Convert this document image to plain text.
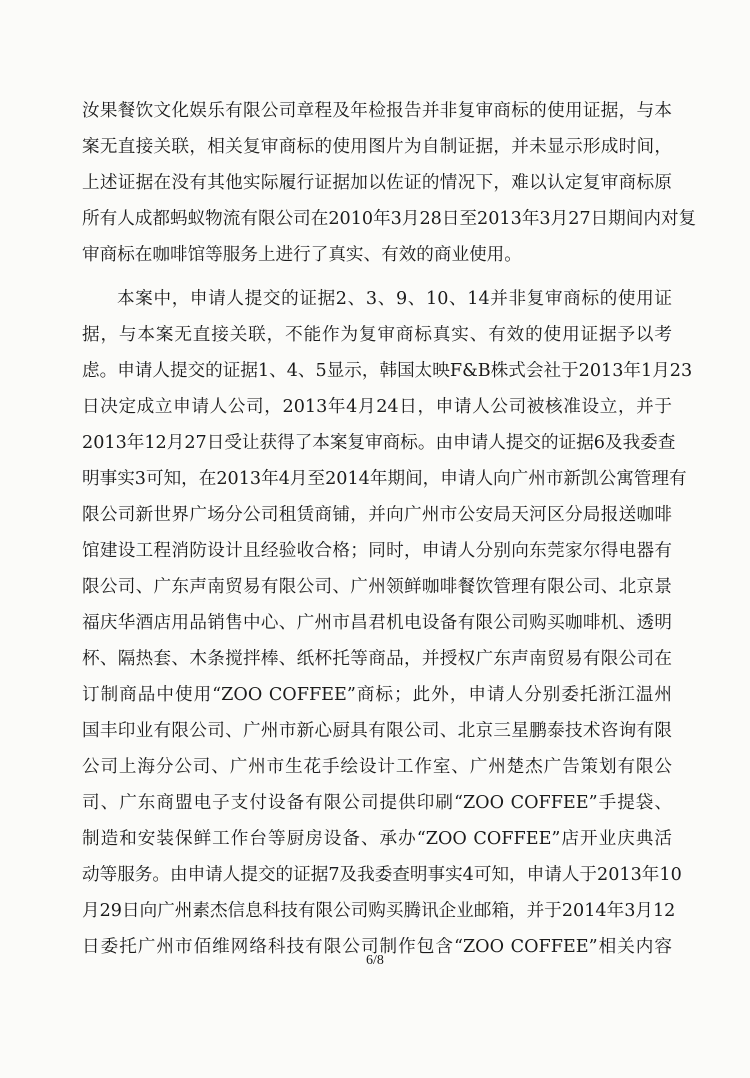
汝果餐饮文化娱乐有限公司章程及年检报告并非复审商标的使用证据，与本
案无直接关联，相关复审商标的使用图片为自制证据，并未显示形成时间，
上述证据在没有其他实际履行证据加以佐证的情况下，难以认定复审商标原
所有人成都蚂蚁物流有限公司在2010年3月28日至2013年3月27日期间内对复
审商标在咖啡馆等服务上进行了真实、有效的商业使用。
本案中，申请人提交的证据2、3、9、10、14并非复审商标的使用证
据，与本案无直接关联，不能作为复审商标真实、有效的使用证据予以考
虑。申请人提交的证据1、4、5显示，韩国太映F&B株式会社于2013年1月23
日决定成立申请人公司，2013年4月24日，申请人公司被核准设立，并于
2013年12月27日受让获得了本案复审商标。由申请人提交的证据6及我委查
明事实3可知，在2013年4月至2014年期间，申请人向广州市新凯公寓管理有
限公司新世界广场分公司租赁商铺，并向广州市公安局天河区分局报送咖啡
馆建设工程消防设计且经验收合格；同时，申请人分别向东莞家尔得电器有
限公司、广东声南贸易有限公司、广州领鲜咖啡餐饮管理有限公司、北京景
福庆华酒店用品销售中心、广州市昌君机电设备有限公司购买咖啡机、透明
杯、隔热套、木条搅拌棒、纸杯托等商品，并授权广东声南贸易有限公司在
订制商品中使用“ZOO COFFEE”商标；此外，申请人分别委托浙江温州
国丰印业有限公司、广州市新心厨具有限公司、北京三星鹏泰技术咨询有限
公司上海分公司、广州市生花手绘设计工作室、广州楚杰广告策划有限公
司、广东商盟电子支付设备有限公司提供印刷“ZOO COFFEE”手提袋、
制造和安装保鲜工作台等厨房设备、承办“ZOO COFFEE”店开业庆典活
动等服务。由申请人提交的证据7及我委查明事实4可知，申请人于2013年10
月29日向广州素杰信息科技有限公司购买腾讯企业邮箱，并于2014年3月12
日委托广州市佰维网络科技有限公司制作包含“ZOO COFFEE”相关内容
6/8
